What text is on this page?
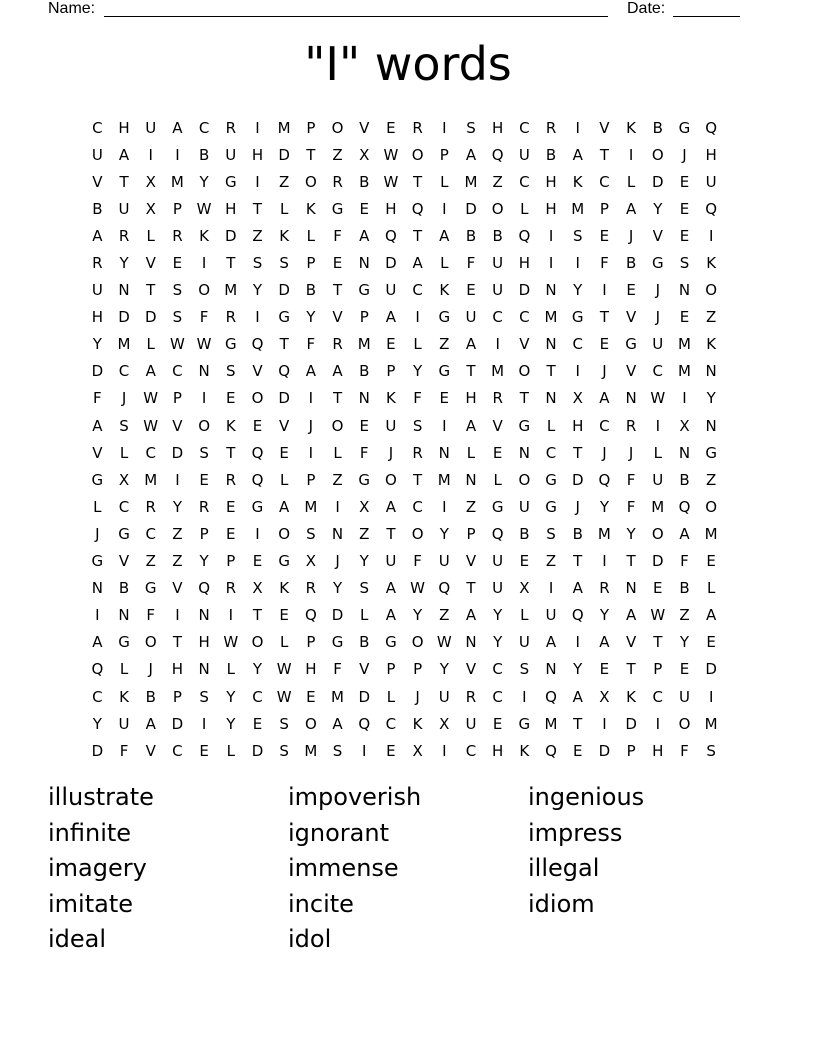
Name:	Date:
"I" words
C	H	U	A	C	R	I	M	P	O	V	E	R	I	S	H	C	R	I	V	K	B	G Q
U	A	I	I	B	U	H	D	T	Z	X W O	P	A	Q	U	B	A	T	I	O	J	H
V	T	X	M	Y	G	I	Z	O	R	B W T	L	M	Z	C	H	K	C	L	D	E	U
B	U	X	P W H	T	L	K	G	E	H	Q	I	D	O	L	H M	P	A	Y	E	Q
A	R	L	R	K	D	Z	K	L	F	A	Q	T	A	B	B	Q	I	S	E	J	V	E	I
R	Y	V	E	I	T	S	S	P	E	N	D	A	L	F	U	H	I	I	F	B	G	S	K
U	N	T	S	O M	Y	D	B	T	G	U	C	K	E	U	D	N	Y	I	E	J	N	O
H	D	D	S	F	R	I	G	Y	V	P	A	I	G	U	C	C M G	T	V	J	E	Z
Y	M	L	W W G Q	T	F	R M	E	L	Z	A	I	V	N	C	E	G	U M	K
D	C	A	C	N	S	V	Q	A	A	B	P	Y	G	T	M O	T	I	J	V	C M N
F	J	W P	I	E	O	D	I	T	N	K	F	E	H	R	T	N	X	A	N W	I	Y
A	S W V	O	K	E	V	J	O	E	U	S	I	A	V	G	L	H	C	R	I	X	N
V	L	C	D	S	T	Q	E	I	L	F	J	R	N	L	E	N	C	T	J	J	L	N	G
G	X	M	I	E	R	Q	L	P	Z	G O	T	M N	L	O G	D	Q	F	U	B	Z
L	C	R	Y	R	E	G	A	M	I	X	A	C	I	Z	G	U	G	J	Y	F	M Q O
J	G	C	Z	P	E	I	O	S	N	Z	T	O	Y	P	Q	B	S	B	M	Y	O	A	M
G	V	Z	Z	Y	P	E	G	X	J	Y	U	F	U	V	U	E	Z	T	I	T	D	F	E
N	B	G	V	Q	R	X	K	R	Y	S	A W Q	T	U	X	I	A	R	N	E	B	L
I	N	F	I	N	I	T	E	Q	D	L	A	Y	Z	A	Y	L	U	Q	Y	A W Z	A
A	G O	T	H W O	L	P	G	B	G O W N	Y	U	A	I	A	V	T	Y	E
Q	L	J	H	N	L	Y W H	F	V	P	P	Y	V	C	S	N	Y	E	T	P	E	D
C	K	B	P	S	Y	C W E	M D	L	J	U	R	C	I	Q	A	X	K	C	U	I
Y	U	A	D	I	Y	E	S	O	A	Q	C	K	X	U	E	G M	T	I	D	I	O M
D	F	V	C	E	L	D	S	M	S	I	E	X	I	C	H	K	Q	E	D	P	H	F	S
illustrate
infinite
imagery
imitate
ideal
impoverish
ignorant
immense
incite
idol
ingenious
impress
illegal
idiom
